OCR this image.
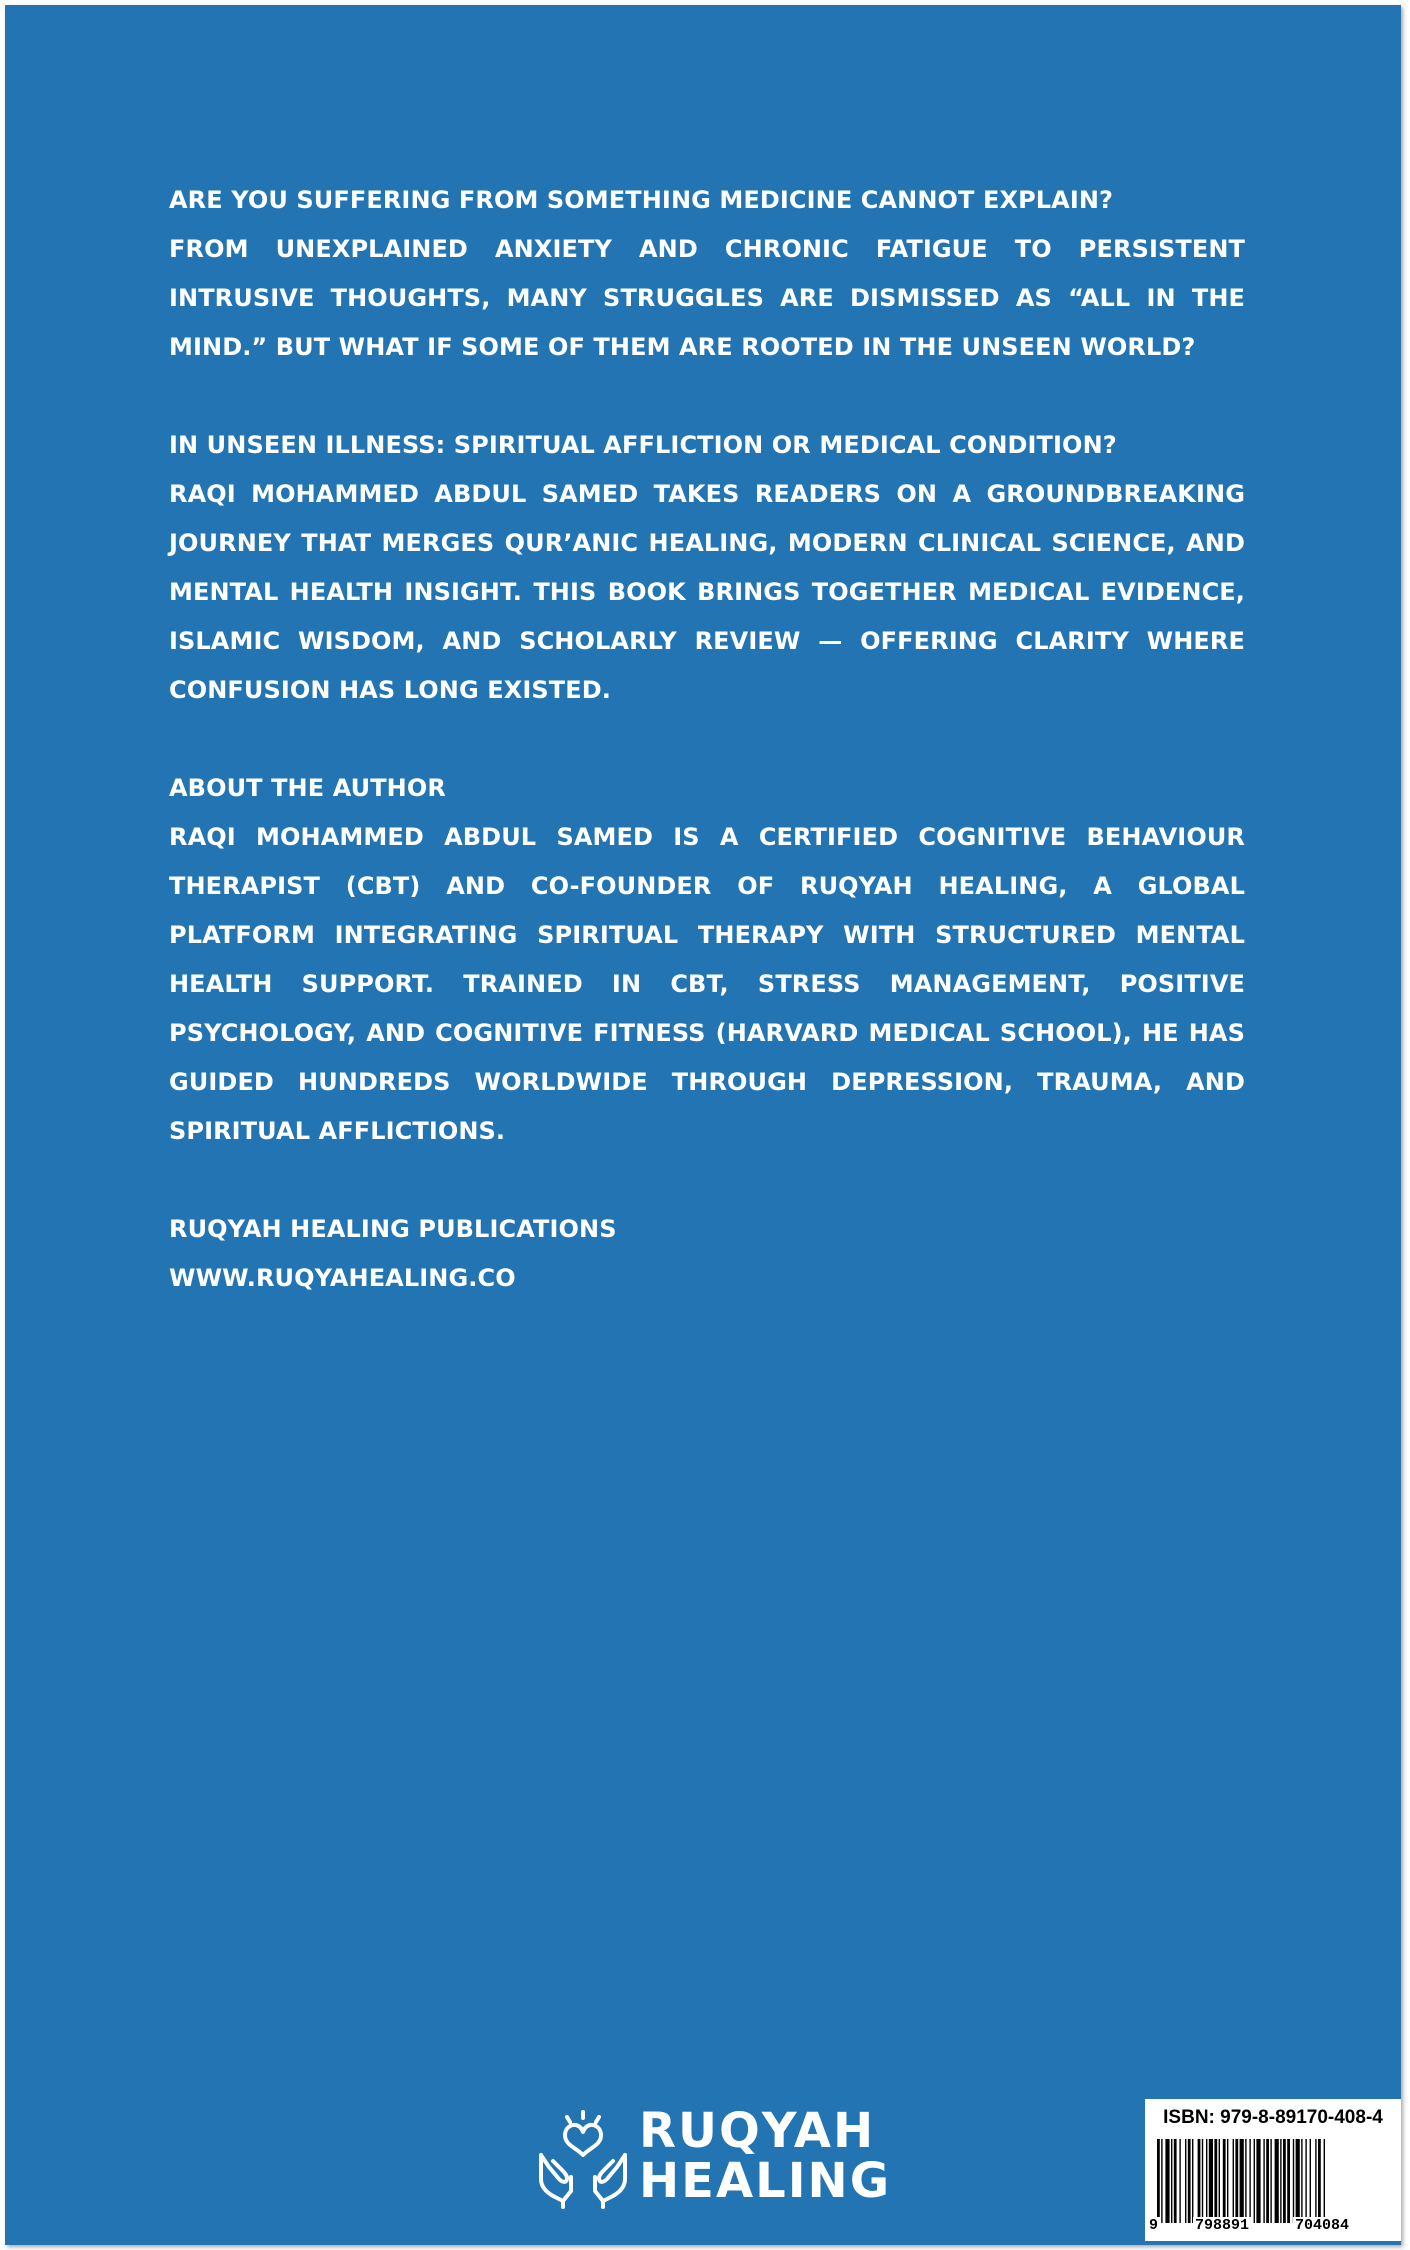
ARE YOU SUFFERING FROM SOMETHING MEDICINE CANNOT EXPLAIN?

FROM UNEXPLAINED ANXIETY AND CHRONIC FATIGUE TO PERSISTENT INTRUSIVE THOUGHTS, MANY STRUGGLES ARE DISMISSED AS “ALL IN THE MIND.” BUT WHAT IF SOME OF THEM ARE ROOTED IN THE UNSEEN WORLD?

IN UNSEEN ILLNESS: SPIRITUAL AFFLICTION OR MEDICAL CONDITION?

RAQI MOHAMMED ABDUL SAMED TAKES READERS ON A GROUNDBREAKING JOURNEY THAT MERGES QUR’ANIC HEALING, MODERN CLINICAL SCIENCE, AND MENTAL HEALTH INSIGHT. THIS BOOK BRINGS TOGETHER MEDICAL EVIDENCE, ISLAMIC WISDOM, AND SCHOLARLY REVIEW — OFFERING CLARITY WHERE CONFUSION HAS LONG EXISTED.

ABOUT THE AUTHOR

RAQI MOHAMMED ABDUL SAMED IS A CERTIFIED COGNITIVE BEHAVIOUR THERAPIST (CBT) AND CO-FOUNDER OF RUQYAH HEALING, A GLOBAL PLATFORM INTEGRATING SPIRITUAL THERAPY WITH STRUCTURED MENTAL HEALTH SUPPORT. TRAINED IN CBT, STRESS MANAGEMENT, POSITIVE PSYCHOLOGY, AND COGNITIVE FITNESS (HARVARD MEDICAL SCHOOL), HE HAS GUIDED HUNDREDS WORLDWIDE THROUGH DEPRESSION, TRAUMA, AND SPIRITUAL AFFLICTIONS.

RUQYAH HEALING PUBLICATIONS

WWW.RUQYAHEALING.CO

RUQYAH
HEALING
ISBN: 979-8-89170-408-4
9 798891	704084
